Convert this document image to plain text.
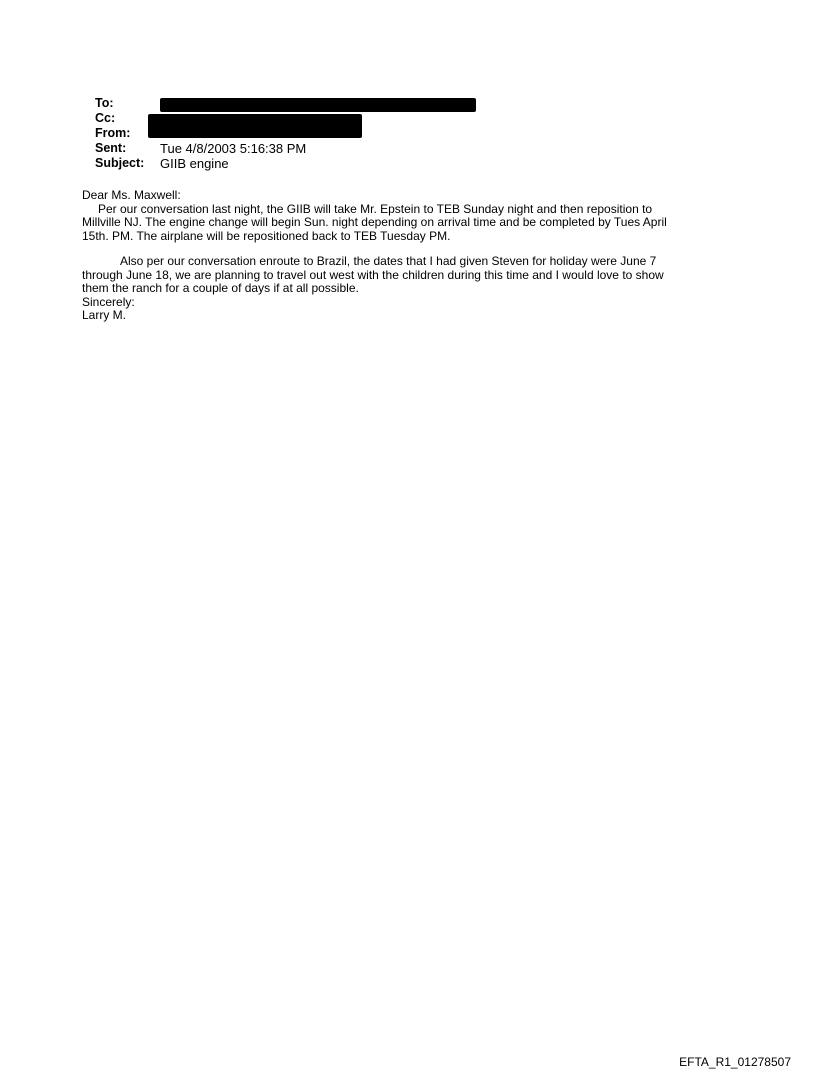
To:
Cc:
From:
Sent:	Tue 4/8/2003 5:16:38 PM
Subject: GIIB engine

Dear Ms. Maxwell:

Per our conversation last night, the GIIB will take Mr. Epstein to TEB Sunday night and then reposition to

Millville NJ. The engine change will begin Sun. night depending on arrival time and be completed by Tues April

15th. PM. The airplane will be repositioned back to TEB Tuesday PM.

Also per our conversation enroute to Brazil, the dates that I had given Steven for holiday were June 7

through June 18, we are planning to travel out west with the children during this time and I would love to show

them the ranch for a couple of days if at all possible.

Sincerely:

Larry M.

EFTA_R1_01278507
